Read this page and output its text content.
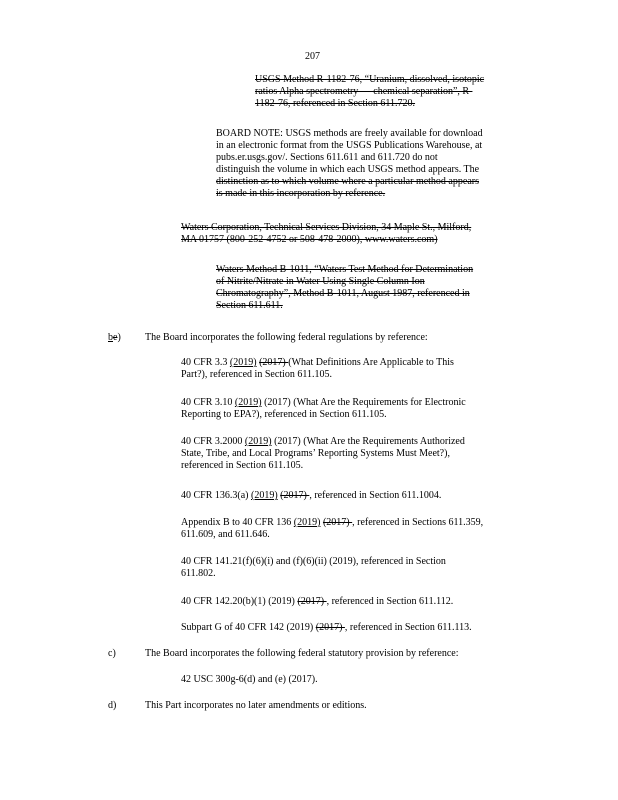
207
USGS Method R-1182-76, “Uranium, dissolved, isotopic
ratios Alpha spectrometry — chemical separation”, R-
1182-76, referenced in Section 611.720.
BOARD NOTE: USGS methods are freely available for download
in an electronic format from the USGS Publications Warehouse, at
pubs.er.usgs.gov/. Sections 611.611 and 611.720 do not
distinguish the volume in which each USGS method appears. The
distinction as to which volume where a particular method appears
is made in this incorporation by reference.
Waters Corporation, Technical Services Division, 34 Maple St., Milford,
MA 01757 (800-252-4752 or 508-478-2000), www.waters.com)
Waters Method B-1011, “Waters Test Method for Determination
of Nitrite/Nitrate in Water Using Single Column Ion
Chromatography”, Method B-1011, August 1987, referenced in
Section 611.611.
be) The Board incorporates the following federal regulations by reference:
40 CFR 3.3 (2019) (2017) (What Definitions Are Applicable to This
Part?), referenced in Section 611.105.
40 CFR 3.10 (2019) (2017) (What Are the Requirements for Electronic
Reporting to EPA?), referenced in Section 611.105.
40 CFR 3.2000 (2019) (2017) (What Are the Requirements Authorized
State, Tribe, and Local Programs’ Reporting Systems Must Meet?),
referenced in Section 611.105.
40 CFR 136.3(a) (2019) (2017) , referenced in Section 611.1004.
Appendix B to 40 CFR 136 (2019) (2017) , referenced in Sections 611.359,
611.609, and 611.646.
40 CFR 141.21(f)(6)(i) and (f)(6)(ii) (2019), referenced in Section
611.802.
40 CFR 142.20(b)(1) (2019) (2017) , referenced in Section 611.112.
Subpart G of 40 CFR 142 (2019) (2017) , referenced in Section 611.113.
c)	The Board incorporates the following federal statutory provision by reference:
42 USC 300g-6(d) and (e) (2017).
d)	This Part incorporates no later amendments or editions.
